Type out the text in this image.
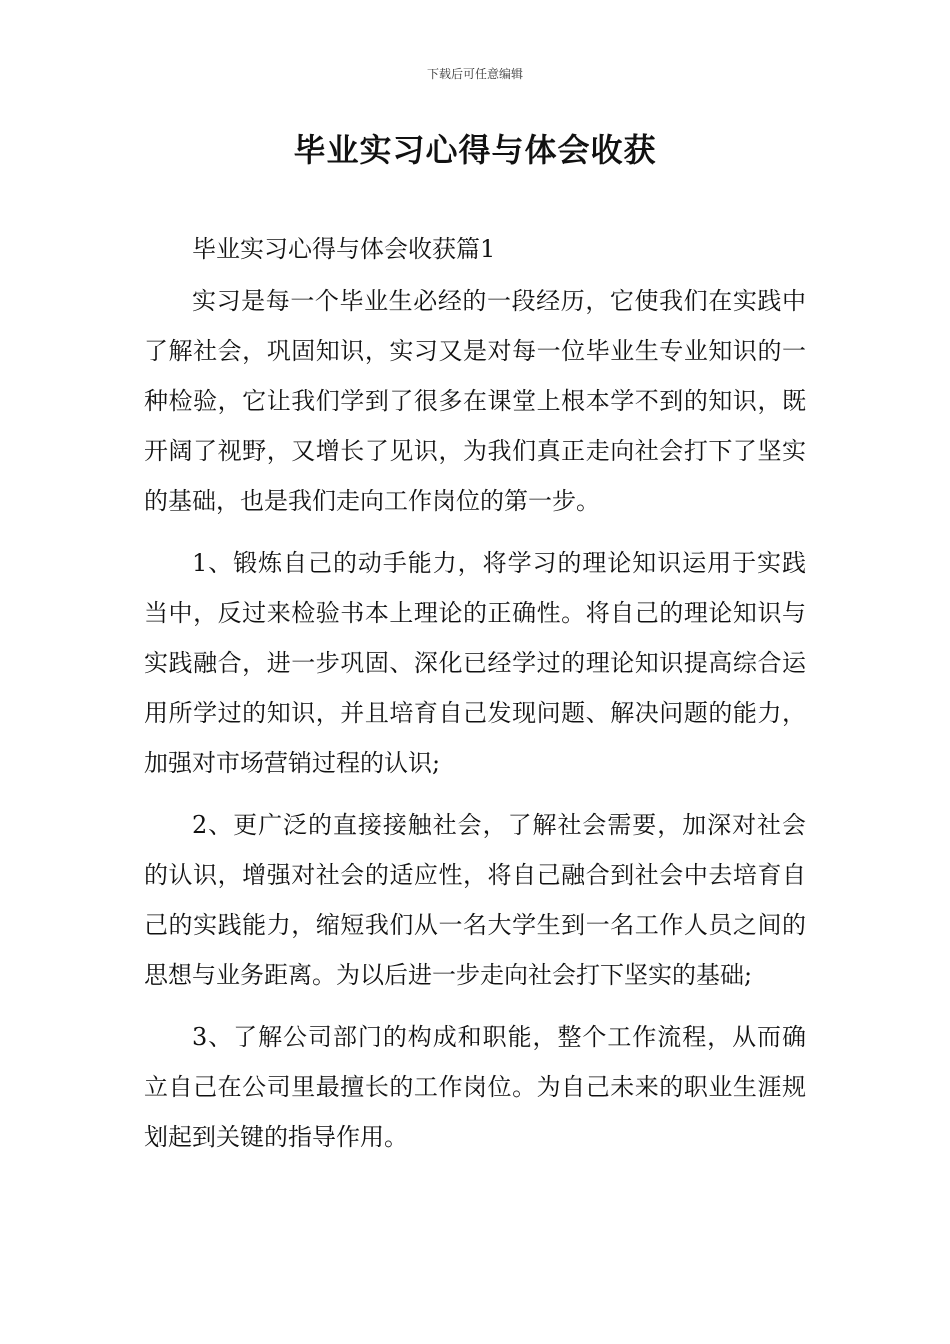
下载后可任意编辑
毕业实习心得与体会收获

毕业实习心得与体会收获篇1

实习是每一个毕业生必经的一段经历，它使我们在实践中了解社会，巩固知识，实习又是对每一位毕业生专业知识的一种检验，它让我们学到了很多在课堂上根本学不到的知识，既开阔了视野，又增长了见识，为我们真正走向社会打下了坚实的基础，也是我们走向工作岗位的第一步。

1、锻炼自己的动手能力，将学习的理论知识运用于实践当中，反过来检验书本上理论的正确性。将自己的理论知识与实践融合，进一步巩固、深化已经学过的理论知识提高综合运用所学过的知识，并且培育自己发现问题、解决问题的能力，加强对市场营销过程的认识;

2、更广泛的直接接触社会，了解社会需要，加深对社会的认识，增强对社会的适应性，将自己融合到社会中去培育自己的实践能力，缩短我们从一名大学生到一名工作人员之间的思想与业务距离。为以后进一步走向社会打下坚实的基础;

3、了解公司部门的构成和职能，整个工作流程，从而确立自己在公司里最擅长的工作岗位。为自己未来的职业生涯规划起到关键的指导作用。
